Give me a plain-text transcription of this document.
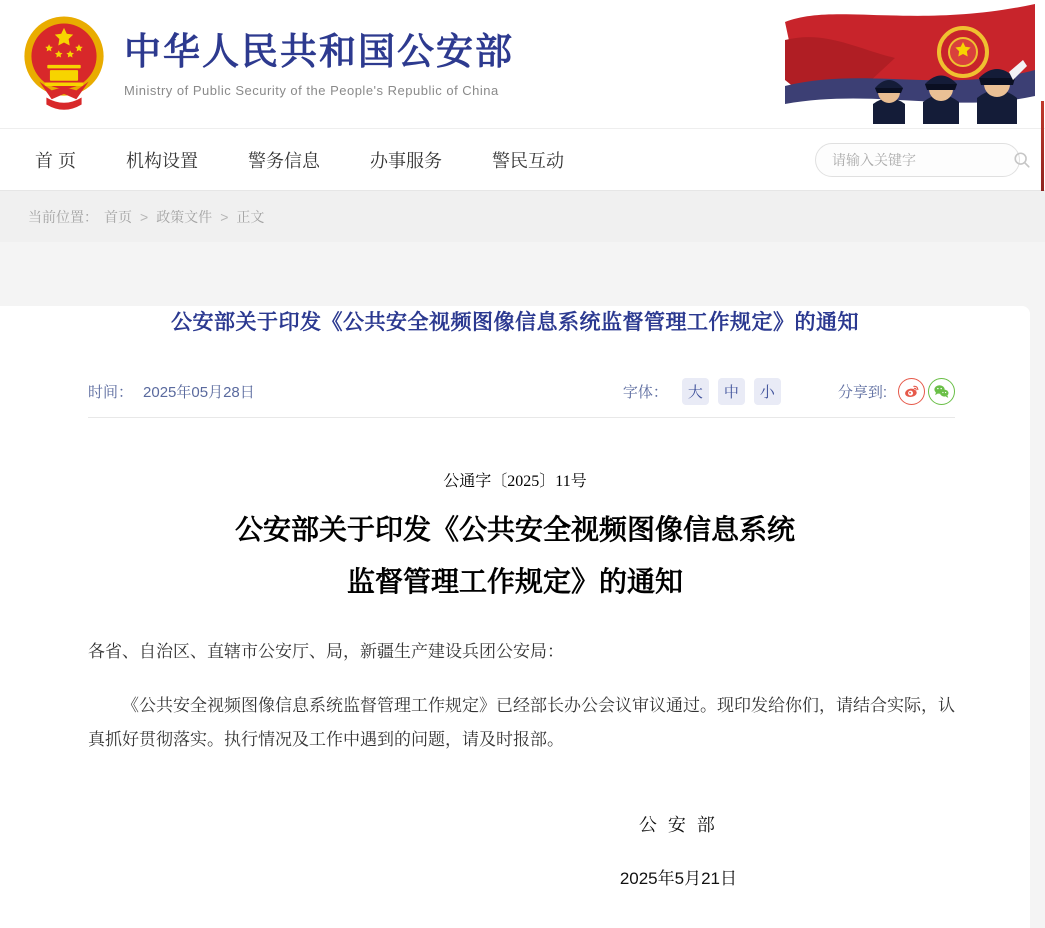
中华人民共和国公安部
Ministry of Public Security of the People's Republic of China
首 页	机构设置	警务信息	办事服务	警民互动
请输入关键字
当前位置： 首页 > 政策文件 > 正文
公安部关于印发《公共安全视频图像信息系统监督管理工作规定》的通知
时间： 2025年05月28日	字体：	大	中	小	分享到:
公通字〔2025〕11号
公安部关于印发《公共安全视频图像信息系统
监督管理工作规定》的通知

各省、自治区、直辖市公安厅、局，新疆生产建设兵团公安局：

《公共安全视频图像信息系统监督管理工作规定》已经部长办公会议审议通过。现印发给你们，请结合实际，认真抓好贯彻落实。执行情况及工作中遇到的问题，请及时报部。

公 安 部
2025年5月21日
